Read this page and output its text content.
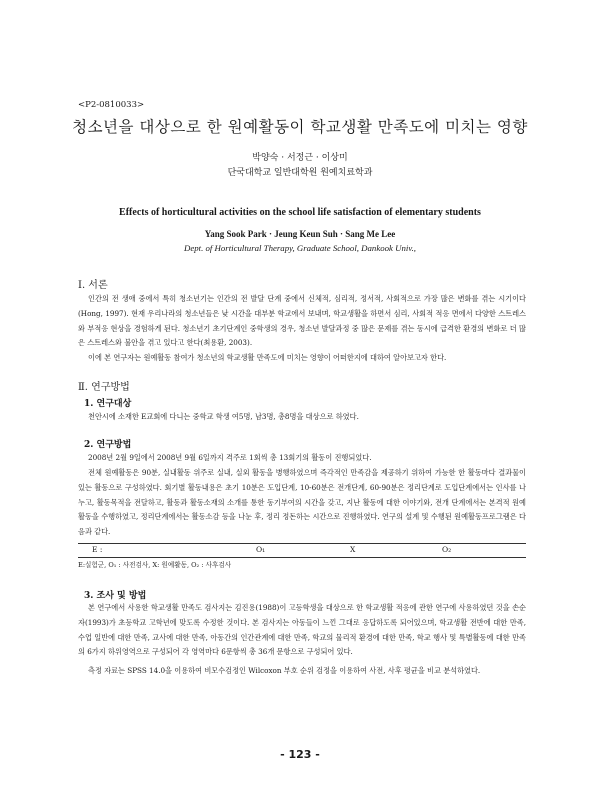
<P2-0810033>
청소년을 대상으로 한 원예활동이 학교생활 만족도에 미치는 영향
박양숙 · 서정근 · 이상미
단국대학교 일반대학원 원예치료학과
Effects of horticultural activities on the school life satisfaction of elementary students
Yang Sook Park · Jeung Keun Suh · Sang Me Lee
Dept. of Horticultural Therapy, Graduate School, Dankook Univ.,
Ⅰ. 서론

인간의 전 생애 중에서 특히 청소년기는 인간의 전 발달 단계 중에서 신체적, 심리적, 정서적, 사회적으로 가장 많은 변화를 겪는 시기이다(Hong, 1997). 현재 우리나라의 청소년들은 낮 시간을 대부분 학교에서 보내며, 학교생활을 하면서 심리, 사회적 적응 면에서 다양한 스트레스와 부적응 현상을 경험하게 된다. 청소년기 초기단계인 중학생의 경우, 청소년 발달과정 중 많은 문제를 겪는 동시에 급격한 환경의 변화로 더 많은 스트레스와 불안을 겪고 있다고 한다(최용환, 2003).

이에 본 연구자는 원예활동 참여가 청소년의 학교생활 만족도에 미치는 영향이 어떠한지에 대하여 알아보고자 한다.

Ⅱ. 연구방법
1. 연구대상

천안시에 소재한 E교회에 다니는 중학교 학생 여5명, 남3명, 총8명을 대상으로 하였다.

2. 연구방법

2008년 2월 9일에서 2008년 9월 6일까지 격주로 1회씩 총 13회기의 활동이 진행되었다.

전체 원예활동은 90분, 실내활동 위주로 실내, 실외 활동을 병행하였으며 즉각적인 만족감을 제공하기 위하여 가능한 한 활동마다 결과물이 있는 활동으로 구성하였다. 회기별 활동내용은 초기 10분은 도입단계, 10-60분은 전개단계, 60-90분은 정리단계로 도입단계에서는 인사를 나누고, 활동목적을 전달하고, 활동과 활동소재의 소개를 통한 동기부여의 시간을 갖고, 지난 활동에 대한 이야기와, 전개 단계에서는 본격적 원예활동을 수행하였고, 정리단계에서는 활동소감 등을 나눈 후, 정리 정돈하는 시간으로 진행하였다. 연구의 설계 및 수행된 원예활동프로그램은 다음과 같다.

E :	O₁	X	O₂
E:실험군, O₁ : 사전검사, X: 원예활동, O₂ : 사후검사
3. 조사 및 방법

본 연구에서 사용한 학교생활 만족도 검사지는 김진용(1988)이 고등학생을 대상으로 한 학교생활 적응에 관한 연구에 사용하였던 것을 손순자(1993)가 초등학교 고학년에 맞도록 수정한 것이다. 본 검사지는 아동들이 느낀 그대로 응답하도록 되어있으며, 학교생활 전반에 대한 만족, 수업 일반에 대한 만족, 교사에 대한 만족, 아동간의 인간관계에 대한 만족, 학교의 물리적 환경에 대한 만족, 학교 행사 및 특별활동에 대한 만족의 6가지 하위영역으로 구성되어 각 영역마다 6문항씩 총 36개 문항으로 구성되어 있다.

측정 자료는 SPSS 14.0을 이용하여 비모수검정인 Wilcoxon 부호 순위 검정을 이용하여 사전, 사후 평균을 비교 분석하였다.

- 123 -
